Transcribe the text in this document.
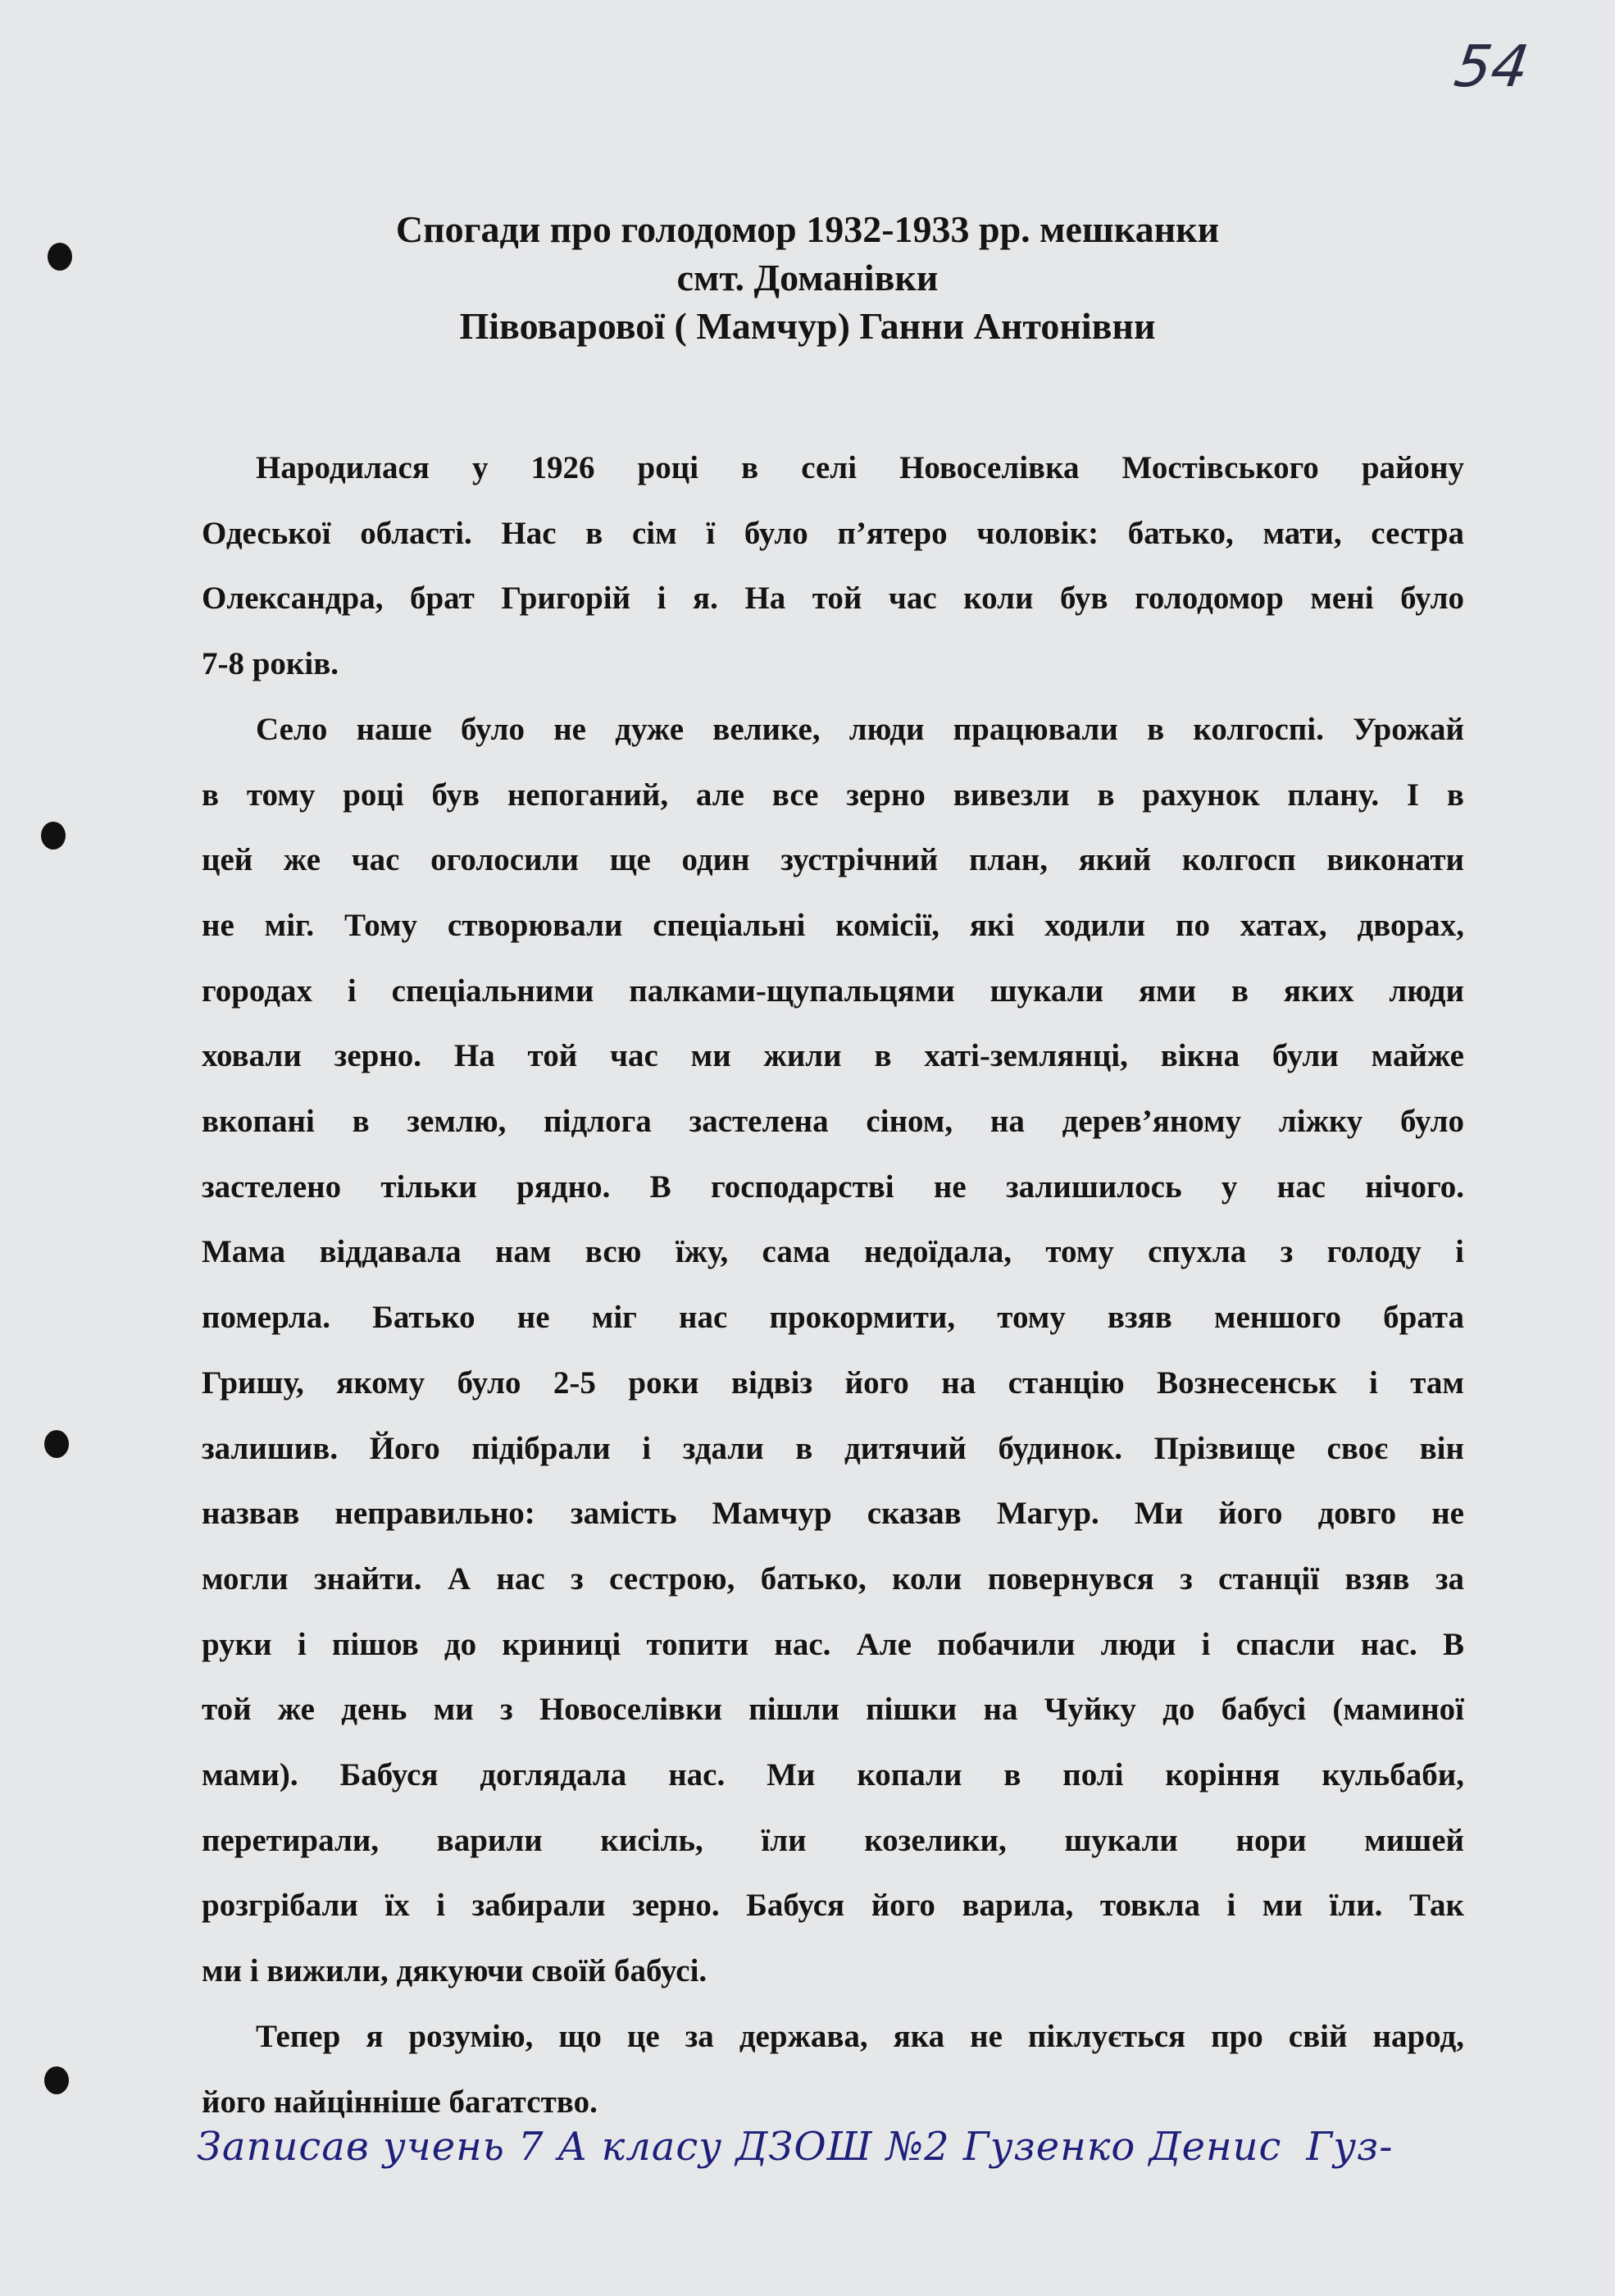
54
Спогади про голодомор 1932-1933 рр. мешканки
смт. Доманівки
Півоварової ( Мамчур) Ганни Антонівни
Народилася у 1926 році в селі Новоселівка Мостівського району
Одеської області. Нас в сім ї було п’ятеро чоловік: батько, мати, сестра
Олександра, брат Григорій і я. На той час коли був голодомор мені було
7-8 років.
Село наше було не дуже велике, люди працювали в колгоспі. Урожай
в тому році був непоганий, але все зерно вивезли в рахунок плану. І в
цей же час оголосили ще один зустрічний план, який колгосп виконати
не міг. Тому створювали спеціальні комісії, які ходили по хатах, дворах,
городах і спеціальними палками-щупальцями шукали ями в яких люди
ховали зерно. На той час ми жили в хаті-землянці, вікна були майже
вкопані в землю, підлога застелена сіном, на дерев’яному ліжку було
застелено тільки рядно. В господарстві не залишилось у нас нічого.
Мама віддавала нам всю їжу, сама недоїдала, тому спухла з голоду і
померла. Батько не міг нас прокормити, тому взяв меншого брата
Гришу, якому було 2-5 роки відвіз його на станцію Вознесенськ і там
залишив. Його підібрали і здали в дитячий будинок. Прізвище своє він
назвав неправильно: замість Мамчур сказав Магур. Ми його довго не
могли знайти. А нас з сестрою, батько, коли повернувся з станції взяв за
руки і пішов до криниці топити нас. Але побачили люди і спасли нас. В
той же день ми з Новоселівки пішли пішки на Чуйку до бабусі (маминої
мами). Бабуся доглядала нас. Ми копали в полі коріння кульбаби,
перетирали, варили кисіль, їли козелики, шукали нори мишей
розгрібали їх і забирали зерно. Бабуся його варила, товкла і ми їли. Так
ми і вижили, дякуючи своїй бабусі.
Тепер я розумію, що це за держава, яка не піклується про свій народ,
його найцінніше багатство.
Записав учень 7 А класу ДЗОШ №2 Гузенко Денис Гуз-
